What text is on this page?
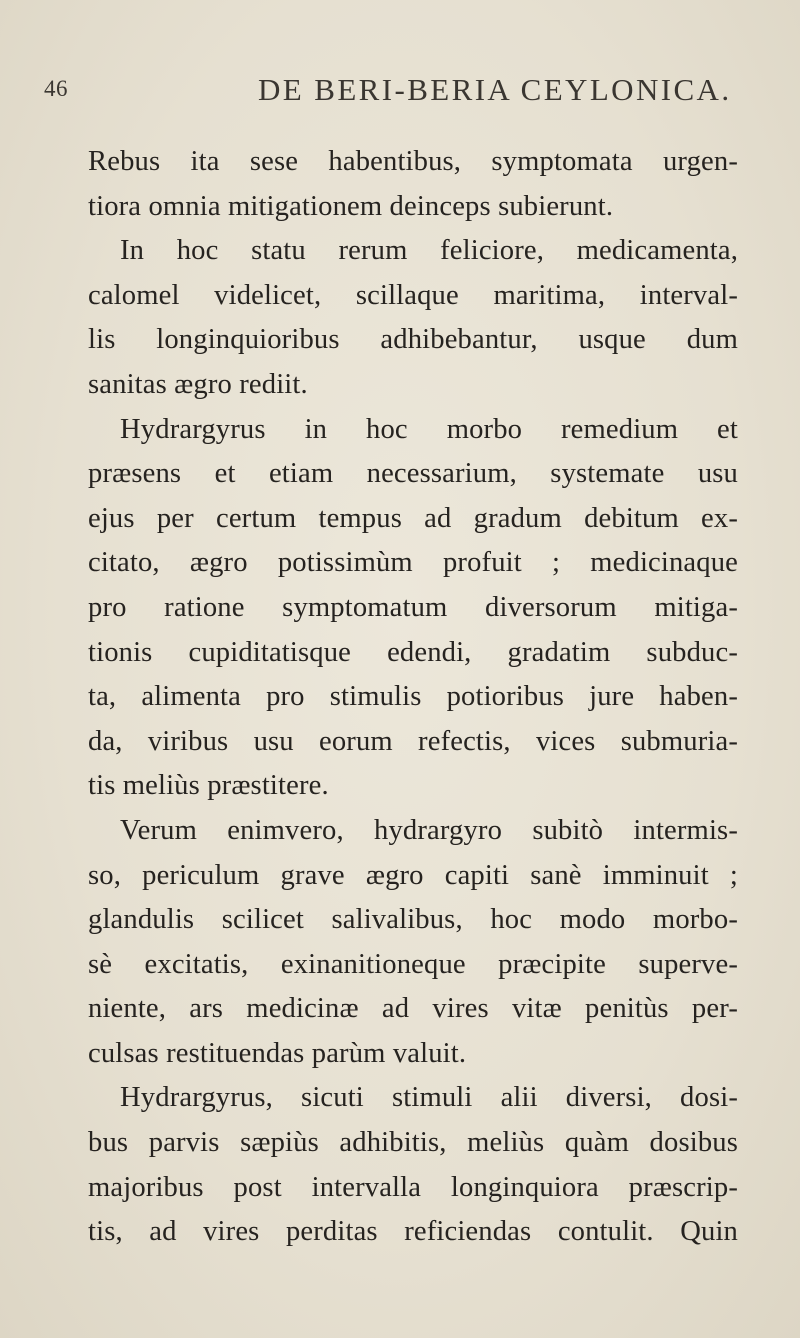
46	DE BERI-BERIA CEYLONICA.
Rebus ita sese habentibus, symptomata urgen-
tiora omnia mitigationem deinceps subierunt.
In hoc statu rerum feliciore, medicamenta,
calomel videlicet, scillaque maritima, interval-
lis longinquioribus adhibebantur, usque dum
sanitas ægro rediit.
Hydrargyrus in hoc morbo remedium et
præsens et etiam necessarium, systemate usu
ejus per certum tempus ad gradum debitum ex-
citato, ægro potissimùm profuit ; medicinaque
pro ratione symptomatum diversorum mitiga-
tionis cupiditatisque edendi, gradatim subduc-
ta, alimenta pro stimulis potioribus jure haben-
da, viribus usu eorum refectis, vices submuria-
tis meliùs præstitere.
Verum enimvero, hydrargyro subitò intermis-
so, periculum grave ægro capiti sanè imminuit ;
glandulis scilicet salivalibus, hoc modo morbo-
sè excitatis, exinanitioneque præcipite superve-
niente, ars medicinæ ad vires vitæ penitùs per-
culsas restituendas parùm valuit.
Hydrargyrus, sicuti stimuli alii diversi, dosi-
bus parvis sæpiùs adhibitis, meliùs quàm dosibus
majoribus post intervalla longinquiora præscrip-
tis, ad vires perditas reficiendas contulit. Quin
